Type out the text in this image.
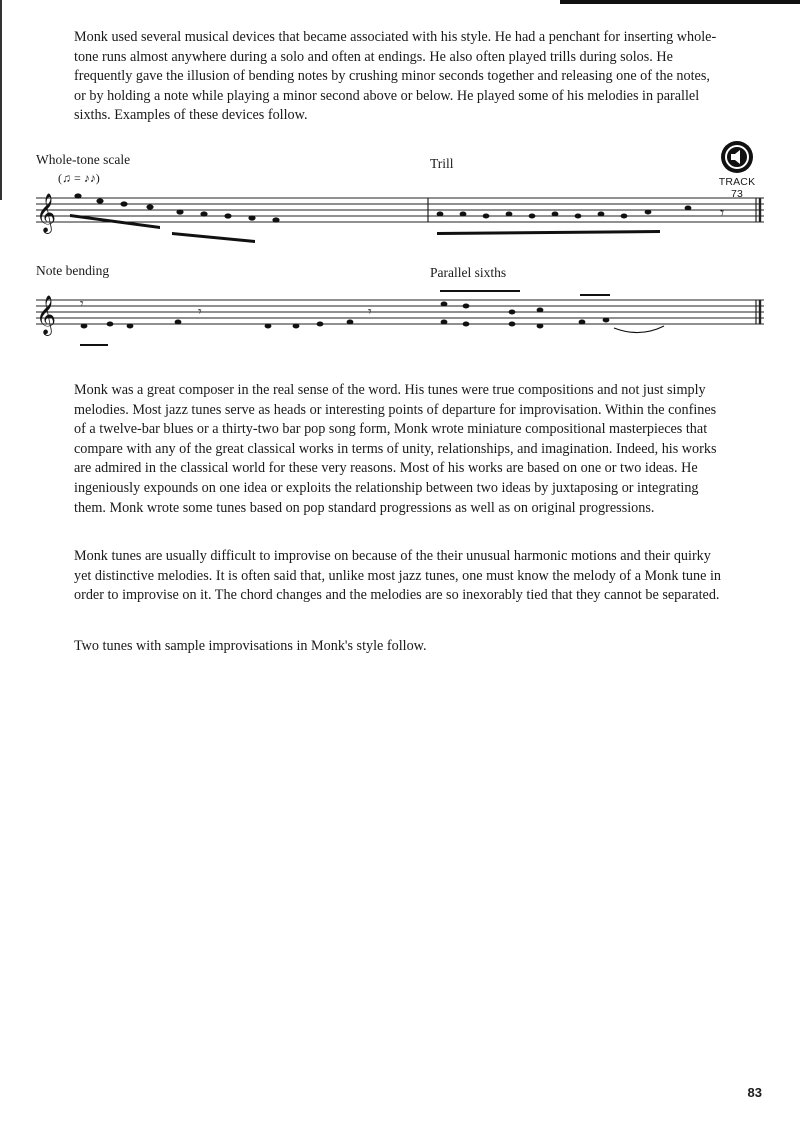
Monk used several musical devices that became associated with his style. He had a penchant for inserting whole-tone runs almost anywhere during a solo and often at endings. He also often played trills during solos. He frequently gave the illusion of bending notes by crushing minor seconds together and releasing one of the notes, or by holding a note while playing a minor second above or below. He played some of his melodies in parallel sixths. Examples of these devices follow.

Whole-tone scale
(♫ = ♪♪)
Trill
Note bending	Parallel sixths
TRACK 73
𝄞	𝄾
𝄞 𝄾
𝄾	𝄾

Monk was a great composer in the real sense of the word. His tunes were true compositions and not just simply melodies. Most jazz tunes serve as heads or interesting points of departure for improvisation. Within the confines of a twelve-bar blues or a thirty-two bar pop song form, Monk wrote miniature compositional masterpieces that compare with any of the great classical works in terms of unity, relationships, and imagination. Indeed, his works are admired in the classical world for these very reasons. Most of his works are based on one or two ideas. He ingeniously expounds on one idea or exploits the relationship between two ideas by juxtaposing or integrating them. Monk wrote some tunes based on pop standard progressions as well as on original progressions.

Monk tunes are usually difficult to improvise on because of the their unusual harmonic motions and their quirky yet distinctive melodies. It is often said that, unlike most jazz tunes, one must know the melody of a Monk tune in order to improvise on it. The chord changes and the melodies are so inexorably tied that they cannot be separated.

Two tunes with sample improvisations in Monk's style follow.

83
